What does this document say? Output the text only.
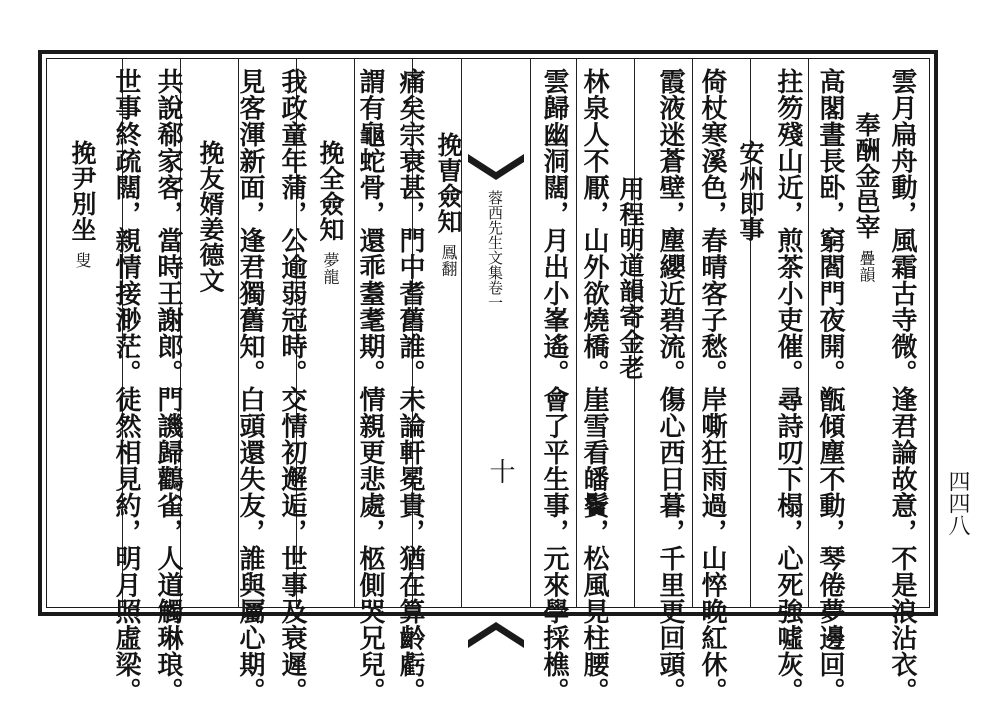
雲月扁舟動，風霜古寺微。逢君論故意，不是浪沾衣。
奉酬金邑宰疊韻
高閣晝長卧，窮閻門夜開。甑傾塵不動，琴倦夢邊回。
拄笏殘山近，煎茶小吏催。尋詩叨下榻，心死強噓灰。
安州即事
倚杖寒溪色，春晴客子愁。岸嘶狂雨過，山悴晚紅休。
霞液迷蒼壁，塵纓近碧流。傷心西日暮，千里更回頭。
用程明道韻寄金老
林泉人不厭，山外欲燒橋。崖雪看皤鬢，松風見柱腰。
雲歸幽洞闊，月出小峯遙。會了平生事，元來學採樵。
蓉西先生文集卷一
十
挽曺僉知鳳翻
痛矣宗衰甚，門中耆舊誰。未論軒冕貴，猶在算齡虧。
謂有龜蛇骨，還乖耋耄期。情親更悲處，柩側哭兄兒。
挽全僉知夢龍
我政童年蒲，公逾弱冠時。交情初邂逅，世事及衰遲。
見客渾新面，逢君獨舊知。白頭還失友，誰與屬心期。
挽友婿姜德文
共說郗家客，當時王謝郎。門譏歸鸛雀，人道觸琳琅。
世事終疏闊，親情接渺茫。徒然相見約，明月照虛梁。
挽尹別坐叟
四四八
